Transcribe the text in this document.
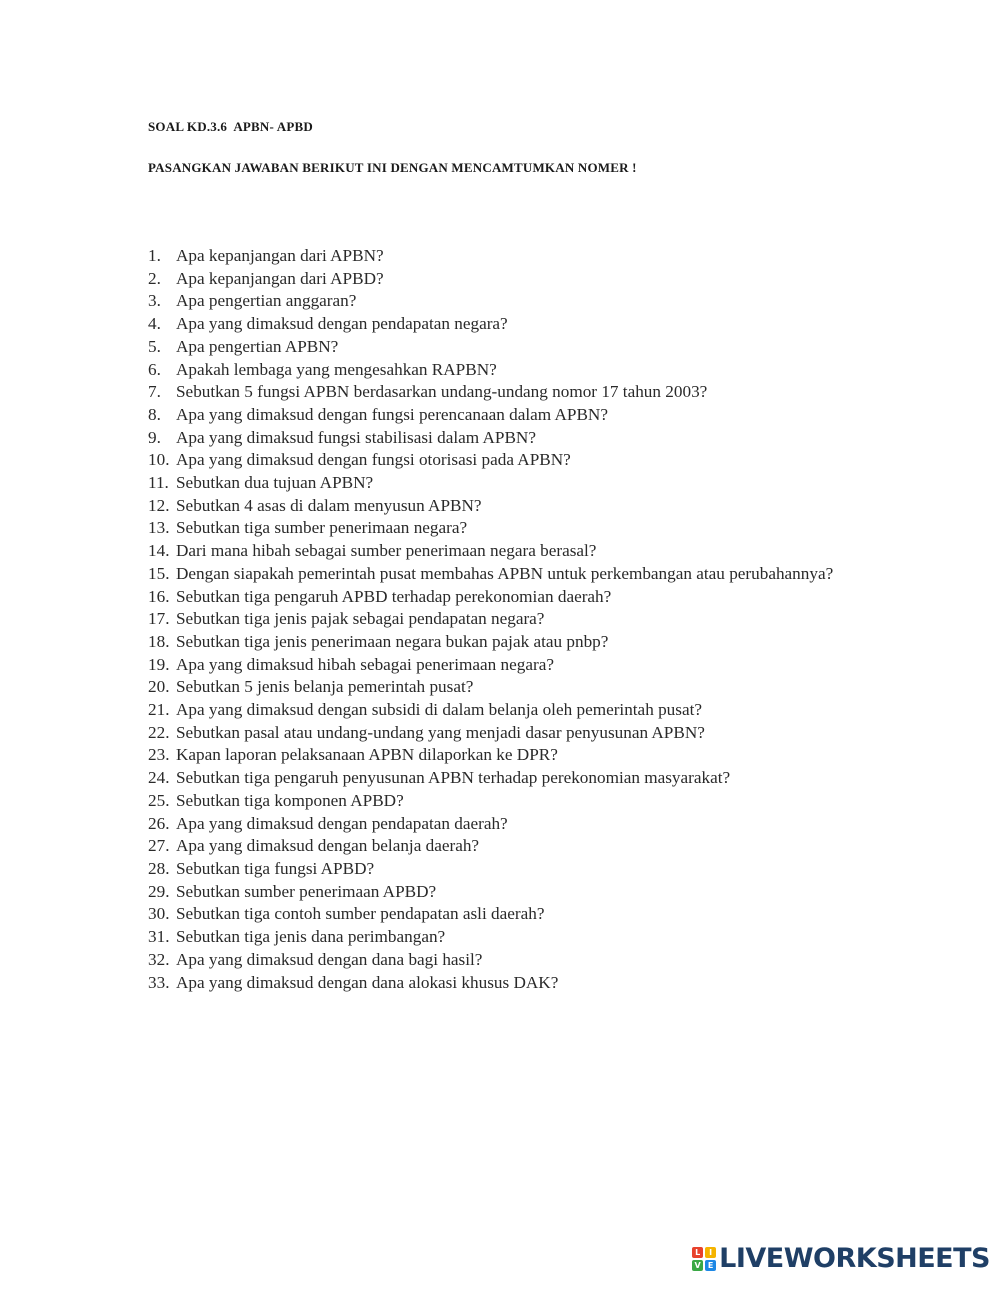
SOAL KD.3.6  APBN- APBD
PASANGKAN JAWABAN BERIKUT INI DENGAN MENCAMTUMKAN NOMER !
1. Apa kepanjangan dari APBN?
2. Apa kepanjangan dari APBD?
3. Apa pengertian anggaran?
4. Apa yang dimaksud dengan pendapatan negara?
5. Apa pengertian APBN?
6. Apakah lembaga yang mengesahkan RAPBN?
7. Sebutkan 5 fungsi APBN berdasarkan undang-undang nomor 17 tahun 2003?
8. Apa yang dimaksud dengan fungsi perencanaan dalam APBN?
9. Apa yang dimaksud fungsi stabilisasi dalam APBN?
10. Apa yang dimaksud dengan fungsi otorisasi pada APBN?
11. Sebutkan dua tujuan APBN?
12. Sebutkan 4 asas di dalam menyusun APBN?
13. Sebutkan tiga sumber penerimaan negara?
14. Dari mana hibah sebagai sumber penerimaan negara berasal?
15. Dengan siapakah pemerintah pusat membahas APBN untuk perkembangan atau perubahannya?
16. Sebutkan tiga pengaruh APBD terhadap perekonomian daerah?
17. Sebutkan tiga jenis pajak sebagai pendapatan negara?
18. Sebutkan tiga jenis penerimaan negara bukan pajak atau pnbp?
19. Apa yang dimaksud hibah sebagai penerimaan negara?
20. Sebutkan 5 jenis belanja pemerintah pusat?
21. Apa yang dimaksud dengan subsidi di dalam belanja oleh pemerintah pusat?
22. Sebutkan pasal atau undang-undang yang menjadi dasar penyusunan APBN?
23. Kapan laporan pelaksanaan APBN dilaporkan ke DPR?
24. Sebutkan tiga pengaruh penyusunan APBN terhadap perekonomian masyarakat?
25. Sebutkan tiga komponen APBD?
26. Apa yang dimaksud dengan pendapatan daerah?
27. Apa yang dimaksud dengan belanja daerah?
28. Sebutkan tiga fungsi APBD?
29. Sebutkan sumber penerimaan APBD?
30. Sebutkan tiga contoh sumber pendapatan asli daerah?
31. Sebutkan tiga jenis dana perimbangan?
32. Apa yang dimaksud dengan dana bagi hasil?
33. Apa yang dimaksud dengan dana alokasi khusus DAK?
L	I
V E LIVEWORKSHEETS
